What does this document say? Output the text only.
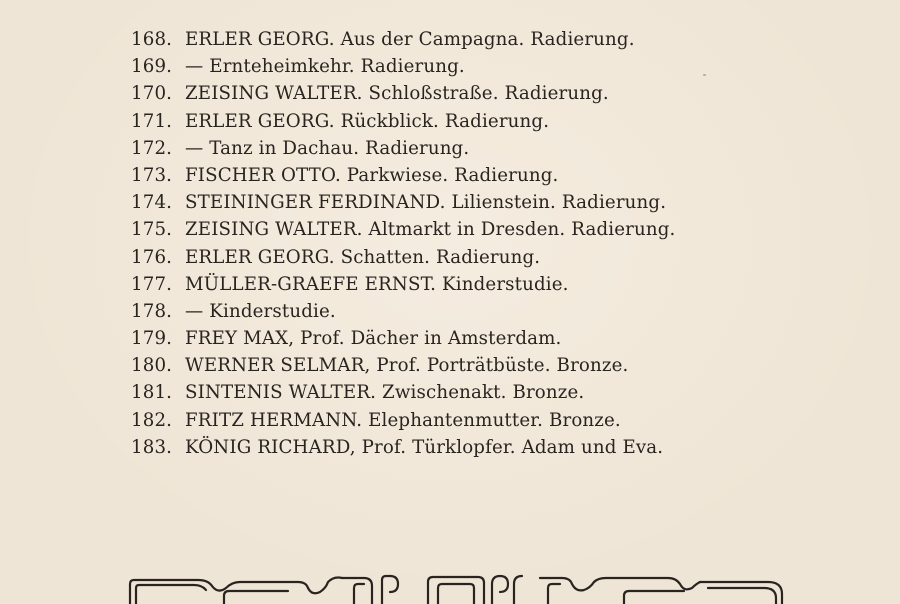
168. ERLER GEORG. Aus der Campagna. Radierung.
169. — Ernteheimkehr. Radierung.
170. ZEISING WALTER. Schloßstraße. Radierung.
171. ERLER GEORG. Rückblick. Radierung.
172. — Tanz in Dachau. Radierung.
173. FISCHER OTTO. Parkwiese. Radierung.
174. STEININGER FERDINAND. Lilienstein. Radierung.
175. ZEISING WALTER. Altmarkt in Dresden. Radierung.
176. ERLER GEORG. Schatten. Radierung.
177. MÜLLER-GRAEFE ERNST. Kinderstudie.
178. — Kinderstudie.
179. FREY MAX, Prof. Dächer in Amsterdam.
180. WERNER SELMAR, Prof. Porträtbüste. Bronze.
181. SINTENIS WALTER. Zwischenakt. Bronze.
182. FRITZ HERMANN. Elephantenmutter. Bronze.
183. KÖNIG RICHARD, Prof. Türklopfer. Adam und Eva.
